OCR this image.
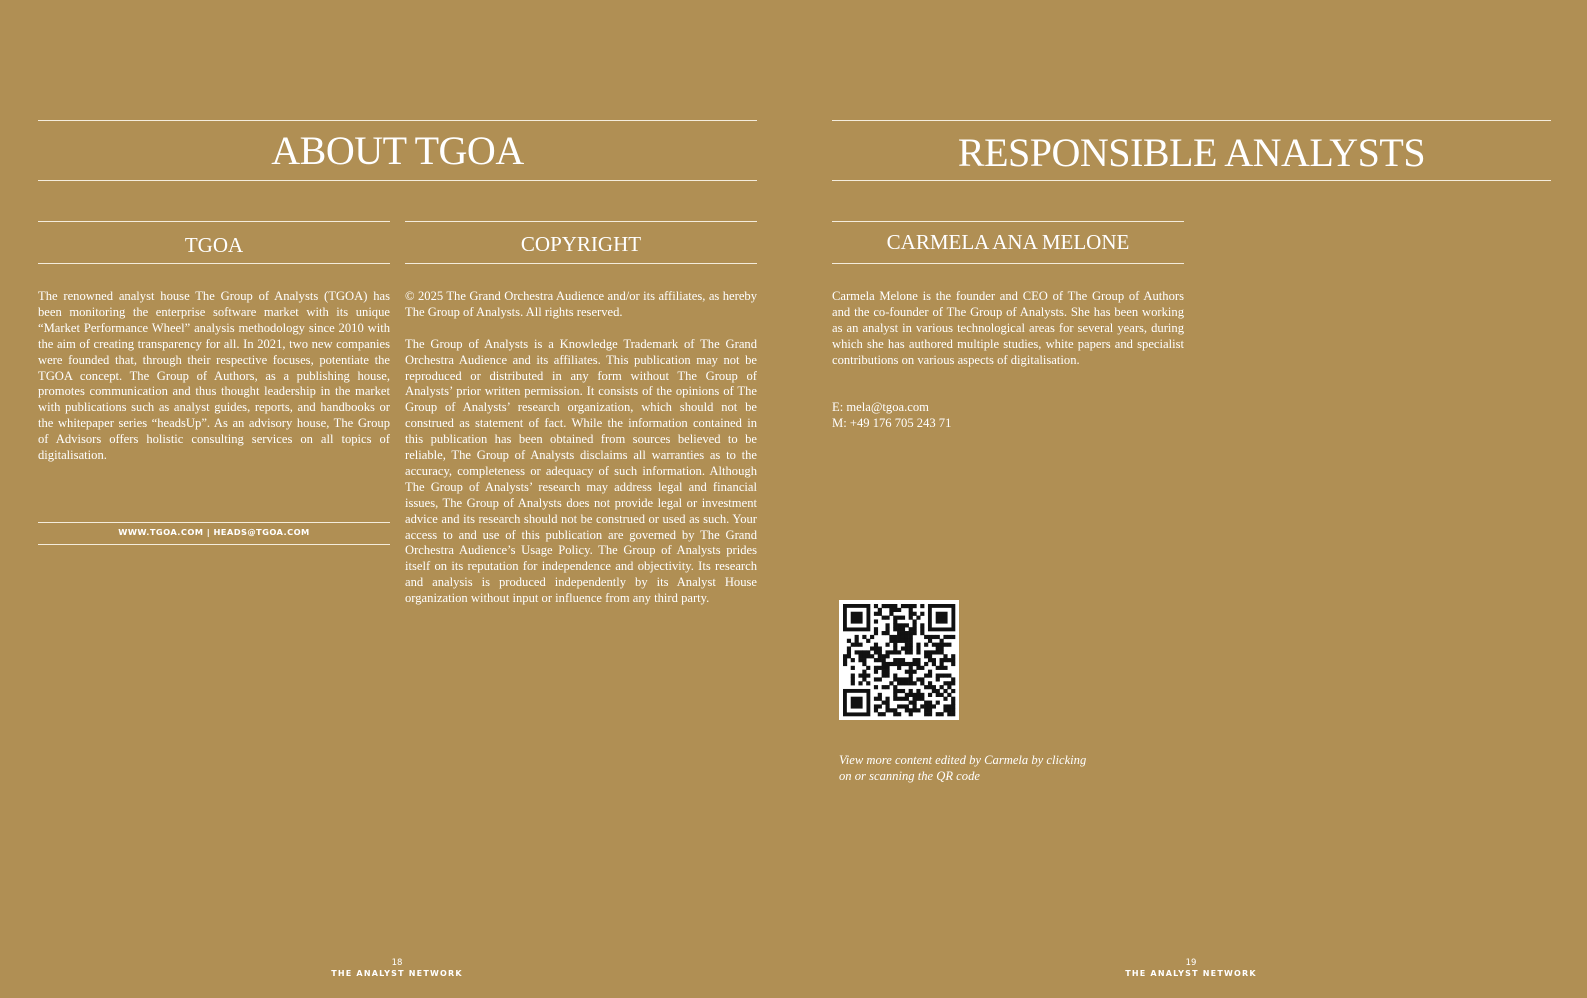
ABOUT TGOA
TGOA

The renowned analyst house The Group of Analysts (TGOA) has been monitoring the enterprise software market with its unique “Market Performance Wheel” analysis methodology since 2010 with the aim of creating transparency for all. In 2021, two new companies were founded that, through their respective focuses, potentiate the TGOA concept. The Group of Authors, as a publishing house, promotes communication and thus thought leadership in the market with publications such as analyst guides, reports, and handbooks or the whitepaper series “headsUp”. As an advisory house, The Group of Advisors offers holistic consulting services on all topics of digitalisation.

WWW.TGOA.COM | HEADS@TGOA.COM
COPYRIGHT

© 2025 The Grand Orchestra Audience and/or its affiliates, as hereby The Group of Analysts. All rights reserved.

The Group of Analysts is a Knowledge Trademark of The Grand Orchestra Audience and its affiliates. This publication may not be reproduced or distributed in any form without The Group of Analysts’ prior written permission. It consists of the opinions of The Group of Analysts’ research organization, which should not be construed as statement of fact. While the information contained in this publication has been obtained from sources believed to be reliable, The Group of Analysts disclaims all warranties as to the accuracy, completeness or adequacy of such information. Although The Group of Analysts’ research may address legal and financial issues, The Group of Analysts does not provide legal or investment advice and its research should not be construed or used as such. Your access to and use of this publication are governed by The Grand Orchestra Audience’s Usage Policy. The Group of Analysts prides itself on its reputation for independence and objectivity. Its research and analysis is produced independently by its Analyst House organization without input or influence from any third party.

18
THE ANALYST NETWORK
RESPONSIBLE ANALYSTS
CARMELA ANA MELONE

Carmela Melone is the founder and CEO of The Group of Authors and the co-founder of The Group of Analysts. She has been working as an analyst in various technological areas for several years, during which she has authored multiple studies, white papers and specialist contributions on various aspects of digitalisation.

E: mela@tgoa.com
M: +49 176 705 243 71
View more content edited by Carmela by clicking
on or scanning the QR code
19
THE ANALYST NETWORK
